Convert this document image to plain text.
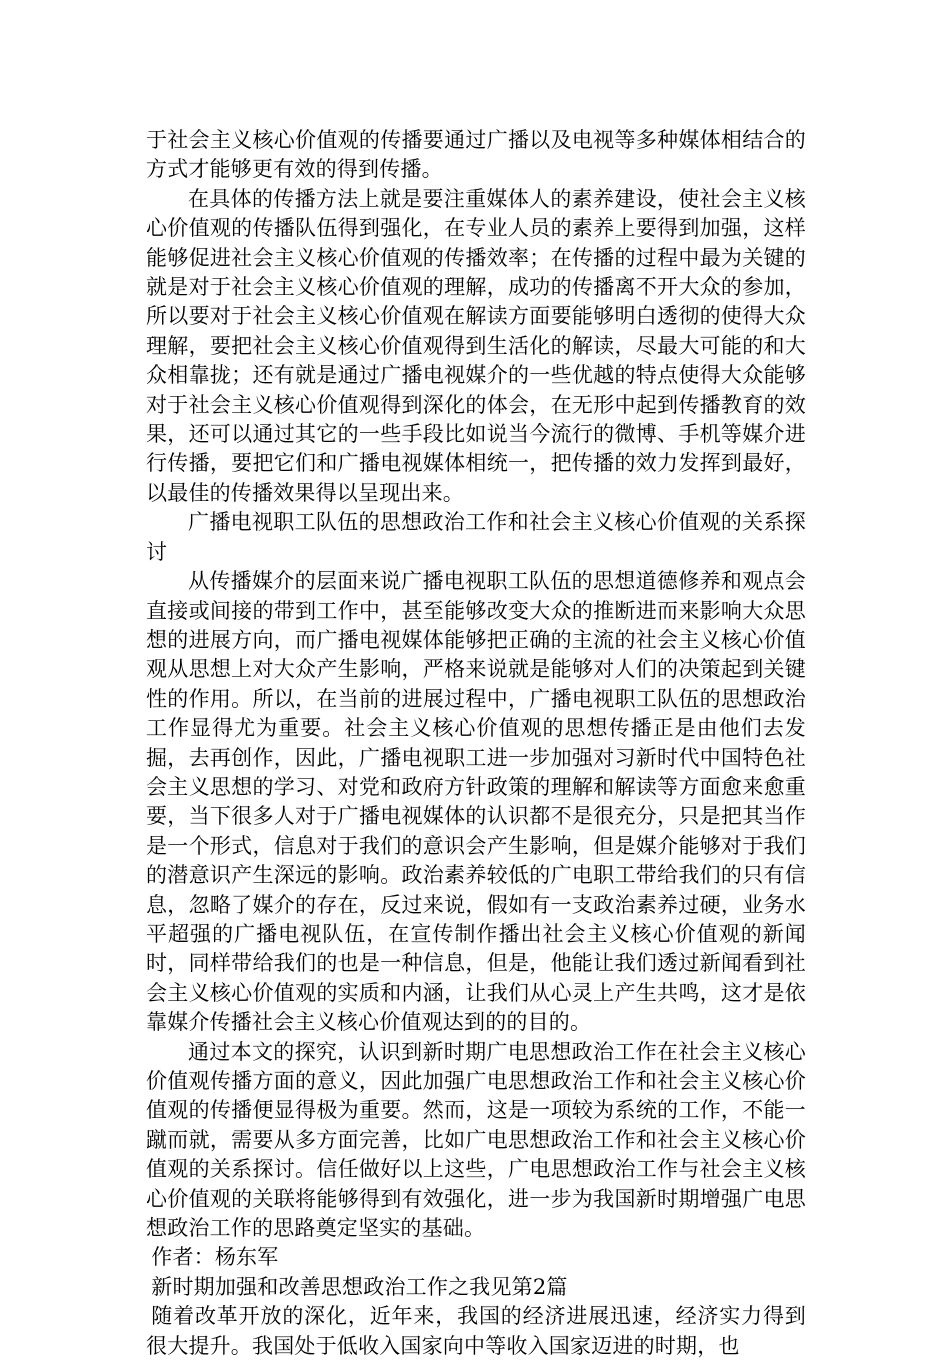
于社会主义核心价值观的传播要通过广播以及电视等多种媒体相结合的方式才能够更有效的得到传播。

在具体的传播方法上就是要注重媒体人的素养建设，使社会主义核心价值观的传播队伍得到强化，在专业人员的素养上要得到加强，这样能够促进社会主义核心价值观的传播效率；在传播的过程中最为关键的就是对于社会主义核心价值观的理解，成功的传播离不开大众的参加，所以要对于社会主义核心价值观在解读方面要能够明白透彻的使得大众理解，要把社会主义核心价值观得到生活化的解读，尽最大可能的和大众相靠拢；还有就是通过广播电视媒介的一些优越的特点使得大众能够对于社会主义核心价值观得到深化的体会，在无形中起到传播教育的效果，还可以通过其它的一些手段比如说当今流行的微博、手机等媒介进行传播，要把它们和广播电视媒体相统一，把传播的效力发挥到最好，以最佳的传播效果得以呈现出来。

广播电视职工队伍的思想政治工作和社会主义核心价值观的关系探讨

从传播媒介的层面来说广播电视职工队伍的思想道德修养和观点会直接或间接的带到工作中，甚至能够改变大众的推断进而来影响大众思想的进展方向，而广播电视媒体能够把正确的主流的社会主义核心价值观从思想上对大众产生影响，严格来说就是能够对人们的决策起到关键性的作用。所以，在当前的进展过程中，广播电视职工队伍的思想政治工作显得尤为重要。社会主义核心价值观的思想传播正是由他们去发掘，去再创作，因此，广播电视职工进一步加强对习新时代中国特色社会主义思想的学习、对党和政府方针政策的理解和解读等方面愈来愈重要，当下很多人对于广播电视媒体的认识都不是很充分，只是把其当作是一个形式，信息对于我们的意识会产生影响，但是媒介能够对于我们的潜意识产生深远的影响。政治素养较低的广电职工带给我们的只有信息，忽略了媒介的存在，反过来说，假如有一支政治素养过硬，业务水平超强的广播电视队伍，在宣传制作播出社会主义核心价值观的新闻时，同样带给我们的也是一种信息，但是，他能让我们透过新闻看到社会主义核心价值观的实质和内涵，让我们从心灵上产生共鸣，这才是依靠媒介传播社会主义核心价值观达到的的目的。

通过本文的探究，认识到新时期广电思想政治工作在社会主义核心价值观传播方面的意义，因此加强广电思想政治工作和社会主义核心价值观的传播便显得极为重要。然而，这是一项较为系统的工作，不能一蹴而就，需要从多方面完善，比如广电思想政治工作和社会主义核心价值观的关系探讨。信任做好以上这些，广电思想政治工作与社会主义核心价值观的关联将能够得到有效强化，进一步为我国新时期增强广电思想政治工作的思路奠定坚实的基础。

作者：杨东军

新时期加强和改善思想政治工作之我见第2篇

随着改革开放的深化，近年来，我国的经济进展迅速，经济实力得到很大提升。我国处于低收入国家向中等收入国家迈进的时期，也
